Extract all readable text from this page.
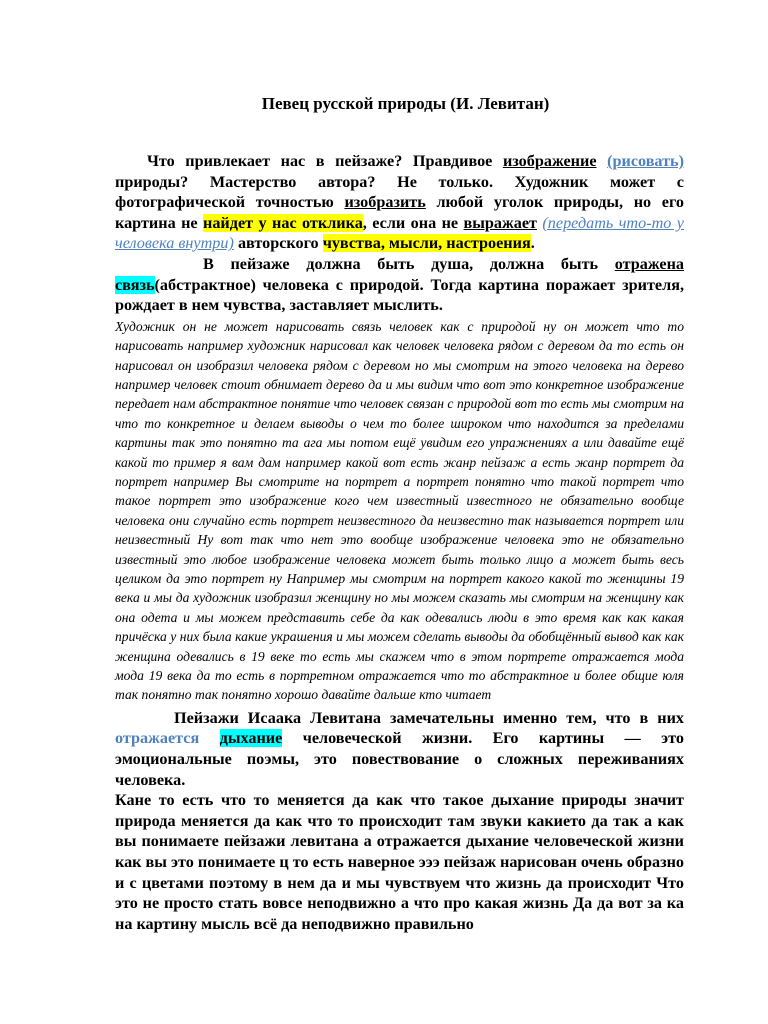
Певец русской природы (И. Левитан)

Что привлекает нас в пейзаже? Правдивое изображение (рисовать) природы? Мастерство автора? Не только. Художник может с фотографической точностью изобразить любой уголок природы, но его картина не найдет у нас отклика, если она не выражает (передать что-то у человека внутри) авторского чувства, мысли, настроения.

В пейзаже должна быть душа, должна быть отражена связь(абстрактное) человека с природой. Тогда картина поражает зрителя, рождает в нем чувства, заставляет мыслить.

Художник он не может нарисовать связь человек как с природой ну он может что то нарисовать например художник нарисовал как человек человека рядом с деревом да то есть он нарисовал он изобразил человека рядом с деревом но мы смотрим на этого человека на дерево например человек стоит обнимает дерево да и мы видим что вот это конкретное изображение передает нам абстрактное понятие что человек связан с природой вот то есть мы смотрим на что то конкретное и делаем выводы о чем то более широком что находится за пределами картины так это понятно та ага мы потом ещё увидим его упражнениях а или давайте ещё какой то пример я вам дам например какой вот есть жанр пейзаж а есть жанр портрет да портрет например Вы смотрите на портрет а портрет понятно что такой портрет что такое портрет это изображение кого чем известный известного не обязательно вообще человека они случайно есть портрет неизвестного да неизвестно так называется портрет или неизвестный Ну вот так что нет это вообще изображение человека это не обязательно известный это любое изображение человека может быть только лицо а может быть весь целиком да это портрет ну Например мы смотрим на портрет какого какой то женщины 19 века и мы да художник изобразил женщину но мы можем сказать мы смотрим на женщину как она одета и мы можем представить себе да как одевались люди в это время как как какая причёска у них была какие украшения и мы можем сделать выводы да обобщённый вывод как как женщина одевались в 19 веке то есть мы скажем что в этом портрете отражается мода мода 19 века да то есть в портретном отражается что то абстрактное и более общие юля так понятно так понятно хорошо давайте дальше кто читает

Пейзажи Исаака Левитана замечательны именно тем, что в них отражается дыхание человеческой жизни. Его картины — это эмоциональные поэмы, это повествование о сложных переживаниях человека.

Кане то есть что то меняется да как что такое дыхание природы значит природа меняется да как что то происходит там звуки какието да так а как вы понимаете пейзажи левитана а отражается дыхание человеческой жизни как вы это понимаете ц то есть наверное эээ пейзаж нарисован очень образно и с цветами поэтому в нем да и мы чувствуем что жизнь да происходит Что это не просто стать вовсе неподвижно а что про какая жизнь Да да вот за ка на картину мысль всё да неподвижно правильно
